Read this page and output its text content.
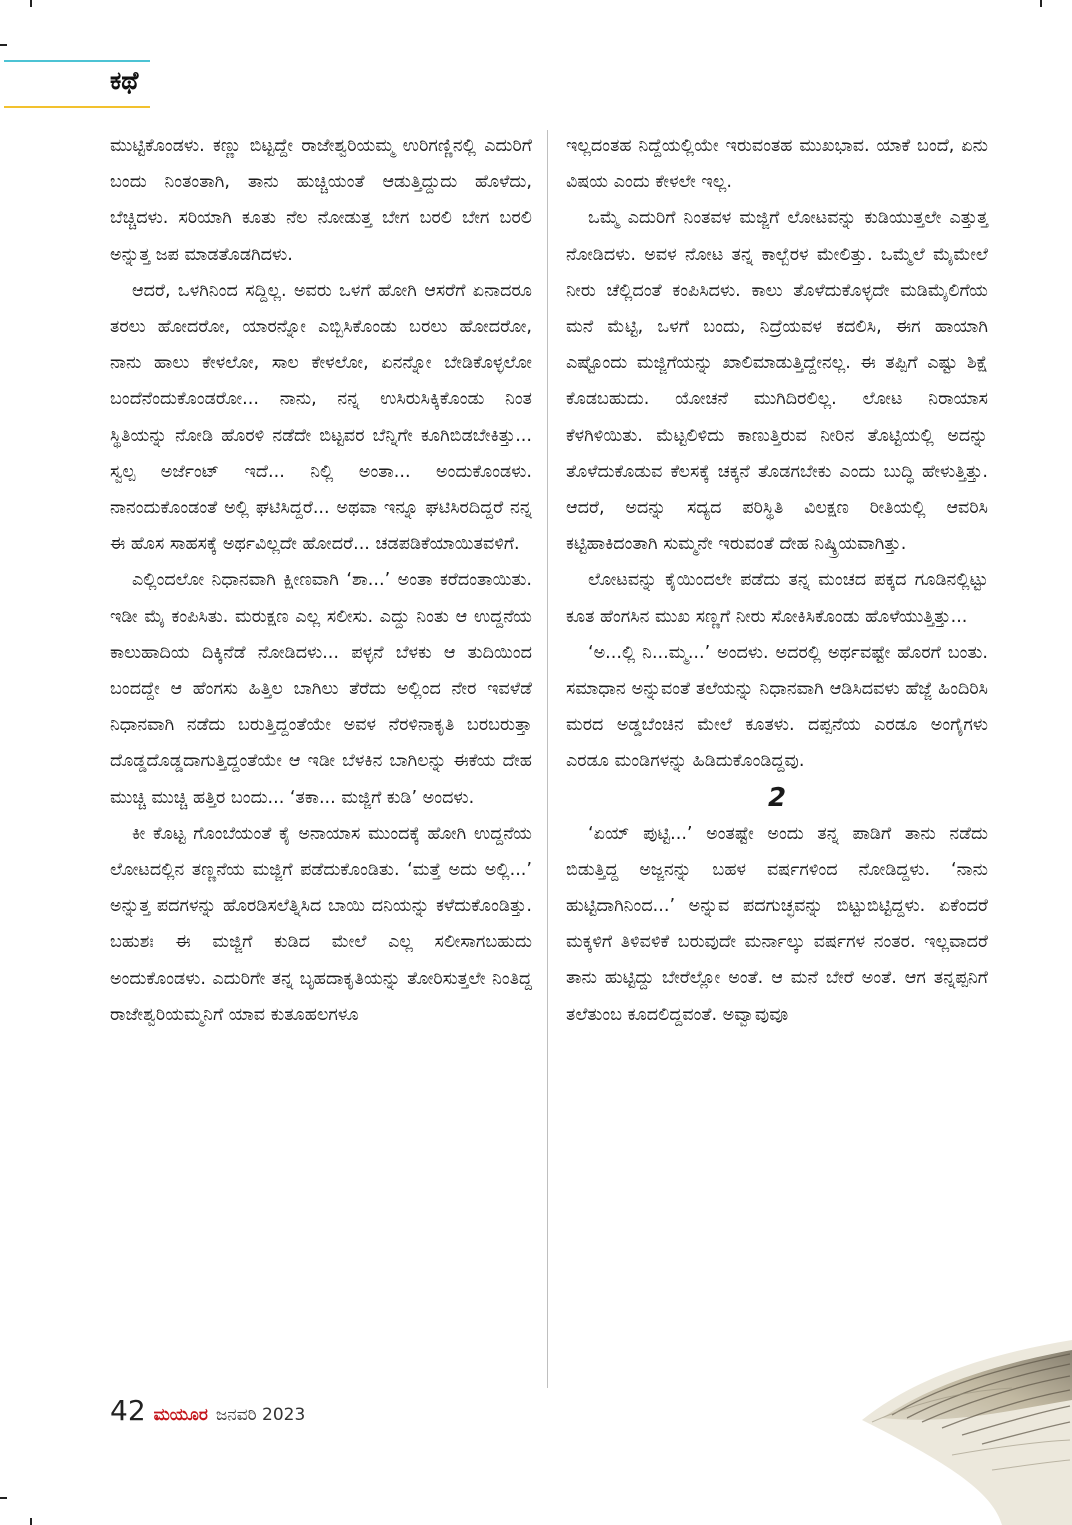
ಕಥೆ

ಮುಟ್ಟಿಕೊಂಡಳು. ಕಣ್ಣು ಬಿಟ್ಟದ್ದೇ ರಾಜೇಶ್ವರಿಯಮ್ಮ ಉರಿಗಣ್ಣಿನಲ್ಲಿ ಎದುರಿಗೆ ಬಂದು ನಿಂತಂತಾಗಿ, ತಾನು ಹುಚ್ಚಿಯಂತೆ ಆಡುತ್ತಿದ್ದುದು ಹೊಳೆದು, ಬೆಚ್ಚಿದಳು. ಸರಿಯಾಗಿ ಕೂತು ನೆಲ ನೋಡುತ್ತ ಬೇಗ ಬರಲಿ ಬೇಗ ಬರಲಿ ಅನ್ನುತ್ತ ಜಪ ಮಾಡತೊಡಗಿದಳು.

ಆದರೆ, ಒಳಗಿನಿಂದ ಸದ್ದಿಲ್ಲ. ಅವರು ಒಳಗೆ ಹೋಗಿ ಆಸರೆಗೆ ಏನಾದರೂ ತರಲು ಹೋದರೋ, ಯಾರನ್ನೋ ಎಬ್ಬಿಸಿಕೊಂಡು ಬರಲು ಹೋದರೋ, ನಾನು ಹಾಲು ಕೇಳಲೋ, ಸಾಲ ಕೇಳಲೋ, ಏನನ್ನೋ ಬೇಡಿಕೊಳ್ಳಲೋ ಬಂದೆನೆಂದುಕೊಂಡರೋ... ನಾನು, ನನ್ನ ಉಸಿರುಸಿಕ್ಕಿಕೊಂಡು ನಿಂತ ಸ್ಥಿತಿಯನ್ನು ನೋಡಿ ಹೊರಳಿ ನಡೆದೇ ಬಿಟ್ಟವರ ಬೆನ್ನಿಗೇ ಕೂಗಿಬಿಡಬೇಕಿತ್ತು... ಸ್ವಲ್ಪ ಅರ್ಜೆಂಟ್ ಇದೆ... ನಿಲ್ಲಿ ಅಂತಾ... ಅಂದುಕೊಂಡಳು. ನಾನಂದುಕೊಂಡಂತೆ ಅಲ್ಲಿ ಘಟಿಸಿದ್ದರೆ... ಅಥವಾ ಇನ್ನೂ ಘಟಿಸಿರದಿದ್ದರೆ ನನ್ನ ಈ ಹೊಸ ಸಾಹಸಕ್ಕೆ ಅರ್ಥವಿಲ್ಲದೇ ಹೋದರೆ... ಚಡಪಡಿಕೆಯಾಯಿತವಳಿಗೆ.

ಎಲ್ಲಿಂದಲೋ ನಿಧಾನವಾಗಿ ಕ್ಷೀಣವಾಗಿ ‘ಶಾ...’ ಅಂತಾ ಕರೆದಂತಾಯಿತು. ಇಡೀ ಮೈ ಕಂಪಿಸಿತು. ಮರುಕ್ಷಣ ಎಲ್ಲ ಸಲೀಸು. ಎದ್ದು ನಿಂತು ಆ ಉದ್ದನೆಯ ಕಾಲುಹಾದಿಯ ದಿಕ್ಕಿನೆಡೆ ನೋಡಿದಳು... ಪಳ್ಳನೆ ಬೆಳಕು ಆ ತುದಿಯಿಂದ ಬಂದದ್ದೇ ಆ ಹೆಂಗಸು ಹಿತ್ತಿಲ ಬಾಗಿಲು ತೆರೆದು ಅಲ್ಲಿಂದ ನೇರ ಇವಳೆಡೆ ನಿಧಾನವಾಗಿ ನಡೆದು ಬರುತ್ತಿದ್ದಂತೆಯೇ ಅವಳ ನೆರಳಿನಾಕೃತಿ ಬರಬರುತ್ತಾ ದೊಡ್ಡದೊಡ್ಡದಾಗುತ್ತಿದ್ದಂತೆಯೇ ಆ ಇಡೀ ಬೆಳಕಿನ ಬಾಗಿಲನ್ನು ಈಕೆಯ ದೇಹ ಮುಚ್ಚಿ ಮುಚ್ಚಿ ಹತ್ತಿರ ಬಂದು... ‘ತಕಾ... ಮಜ್ಜಿಗೆ ಕುಡಿ’ ಅಂದಳು.

ಕೀ ಕೊಟ್ಟ ಗೊಂಬೆಯಂತೆ ಕೈ ಅನಾಯಾಸ ಮುಂದಕ್ಕೆ ಹೋಗಿ ಉದ್ದನೆಯ ಲೋಟದಲ್ಲಿನ ತಣ್ಣನೆಯ ಮಜ್ಜಿಗೆ ಪಡೆದುಕೊಂಡಿತು. ‘ಮತ್ತೆ ಅದು ಅಲ್ಲಿ...’ ಅನ್ನುತ್ತ ಪದಗಳನ್ನು ಹೊರಡಿಸಲೆತ್ನಿಸಿದ ಬಾಯಿ ದನಿಯನ್ನು ಕಳೆದುಕೊಂಡಿತ್ತು. ಬಹುಶಃ ಈ ಮಜ್ಜಿಗೆ ಕುಡಿದ ಮೇಲೆ ಎಲ್ಲ ಸಲೀಸಾಗಬಹುದು ಅಂದುಕೊಂಡಳು. ಎದುರಿಗೇ ತನ್ನ ಬೃಹದಾಕೃತಿಯನ್ನು ತೋರಿಸುತ್ತಲೇ ನಿಂತಿದ್ದ ರಾಜೇಶ್ವರಿಯಮ್ಮನಿಗೆ ಯಾವ ಕುತೂಹಲಗಳೂ

ಇಲ್ಲದಂತಹ ನಿದ್ದೆಯಲ್ಲಿಯೇ ಇರುವಂತಹ ಮುಖಭಾವ. ಯಾಕೆ ಬಂದೆ, ಏನು ವಿಷಯ ಎಂದು ಕೇಳಲೇ ಇಲ್ಲ.

ಒಮ್ಮೆ ಎದುರಿಗೆ ನಿಂತವಳ ಮಜ್ಜಿಗೆ ಲೋಟವನ್ನು ಕುಡಿಯುತ್ತಲೇ ಎತ್ತುತ್ತ ನೋಡಿದಳು. ಅವಳ ನೋಟ ತನ್ನ ಕಾಲ್ಬೆರಳ ಮೇಲಿತ್ತು. ಒಮ್ಮೆಲೆ ಮೈಮೇಲೆ ನೀರು ಚೆಲ್ಲಿದಂತೆ ಕಂಪಿಸಿದಳು. ಕಾಲು ತೊಳೆದುಕೊಳ್ಳದೇ ಮಡಿಮೈಲಿಗೆಯ ಮನೆ ಮೆಟ್ಟಿ, ಒಳಗೆ ಬಂದು, ನಿದ್ರೆಯವಳ ಕದಲಿಸಿ, ಈಗ ಹಾಯಾಗಿ ಎಷ್ಟೊಂದು ಮಜ್ಜಿಗೆಯನ್ನು ಖಾಲಿಮಾಡುತ್ತಿದ್ದೇನಲ್ಲ. ಈ ತಪ್ಪಿಗೆ ಎಷ್ಟು ಶಿಕ್ಷೆ ಕೊಡಬಹುದು. ಯೋಚನೆ ಮುಗಿದಿರಲಿಲ್ಲ. ಲೋಟ ನಿರಾಯಾಸ ಕೆಳಗಿಳಿಯಿತು. ಮೆಟ್ಟಲಿಳಿದು ಕಾಣುತ್ತಿರುವ ನೀರಿನ ತೊಟ್ಟಿಯಲ್ಲಿ ಅದನ್ನು ತೊಳೆದುಕೊಡುವ ಕೆಲಸಕ್ಕೆ ಚಕ್ಕನೆ ತೊಡಗಬೇಕು ಎಂದು ಬುದ್ಧಿ ಹೇಳುತ್ತಿತ್ತು. ಆದರೆ, ಅದನ್ನು ಸದ್ಯದ ಪರಿಸ್ಥಿತಿ ವಿಲಕ್ಷಣ ರೀತಿಯಲ್ಲಿ ಆವರಿಸಿ ಕಟ್ಟಿಹಾಕಿದಂತಾಗಿ ಸುಮ್ಮನೇ ಇರುವಂತೆ ದೇಹ ನಿಷ್ಕ್ರಿಯವಾಗಿತ್ತು.

ಲೋಟವನ್ನು ಕೈಯಿಂದಲೇ ಪಡೆದು ತನ್ನ ಮಂಚದ ಪಕ್ಕದ ಗೂಡಿನಲ್ಲಿಟ್ಟು ಕೂತ ಹೆಂಗಸಿನ ಮುಖ ಸಣ್ಣಗೆ ನೀರು ಸೋಕಿಸಿಕೊಂಡು ಹೊಳೆಯುತ್ತಿತ್ತು...

‘ಅ...ಲ್ಲಿ ನಿ...ಮ್ಮ...’ ಅಂದಳು. ಅದರಲ್ಲಿ ಅರ್ಥವಷ್ಟೇ ಹೊರಗೆ ಬಂತು. ಸಮಾಧಾನ ಅನ್ನುವಂತೆ ತಲೆಯನ್ನು ನಿಧಾನವಾಗಿ ಆಡಿಸಿದವಳು ಹೆಜ್ಜೆ ಹಿಂದಿರಿಸಿ ಮರದ ಅಡ್ಡಬೆಂಚಿನ ಮೇಲೆ ಕೂತಳು. ದಪ್ಪನೆಯ ಎರಡೂ ಅಂಗೈಗಳು ಎರಡೂ ಮಂಡಿಗಳನ್ನು ಹಿಡಿದುಕೊಂಡಿದ್ದವು.

2

‘ಏಯ್ ಪುಟ್ಟಿ...’ ಅಂತಷ್ಟೇ ಅಂದು ತನ್ನ ಪಾಡಿಗೆ ತಾನು ನಡೆದು ಬಿಡುತ್ತಿದ್ದ ಅಜ್ಜನನ್ನು ಬಹಳ ವರ್ಷಗಳಿಂದ ನೋಡಿದ್ದಳು. ‘ನಾನು ಹುಟ್ಟಿದಾಗಿನಿಂದ...’ ಅನ್ನುವ ಪದಗುಚ್ಛವನ್ನು ಬಿಟ್ಟುಬಿಟ್ಟಿದ್ದಳು. ಏಕೆಂದರೆ ಮಕ್ಕಳಿಗೆ ತಿಳಿವಳಿಕೆ ಬರುವುದೇ ಮರ್ನಾಲ್ಕು ವರ್ಷಗಳ ನಂತರ. ಇಲ್ಲವಾದರೆ ತಾನು ಹುಟ್ಟಿದ್ದು ಬೇರೆಲ್ಲೋ ಅಂತೆ. ಆ ಮನೆ ಬೇರೆ ಅಂತೆ. ಆಗ ತನ್ನಪ್ಪನಿಗೆ ತಲೆತುಂಬ ಕೂದಲಿದ್ದವಂತೆ. ಅವ್ವಾವುವೂ

42 ಮಯೂರ ಜನವರಿ 2023
